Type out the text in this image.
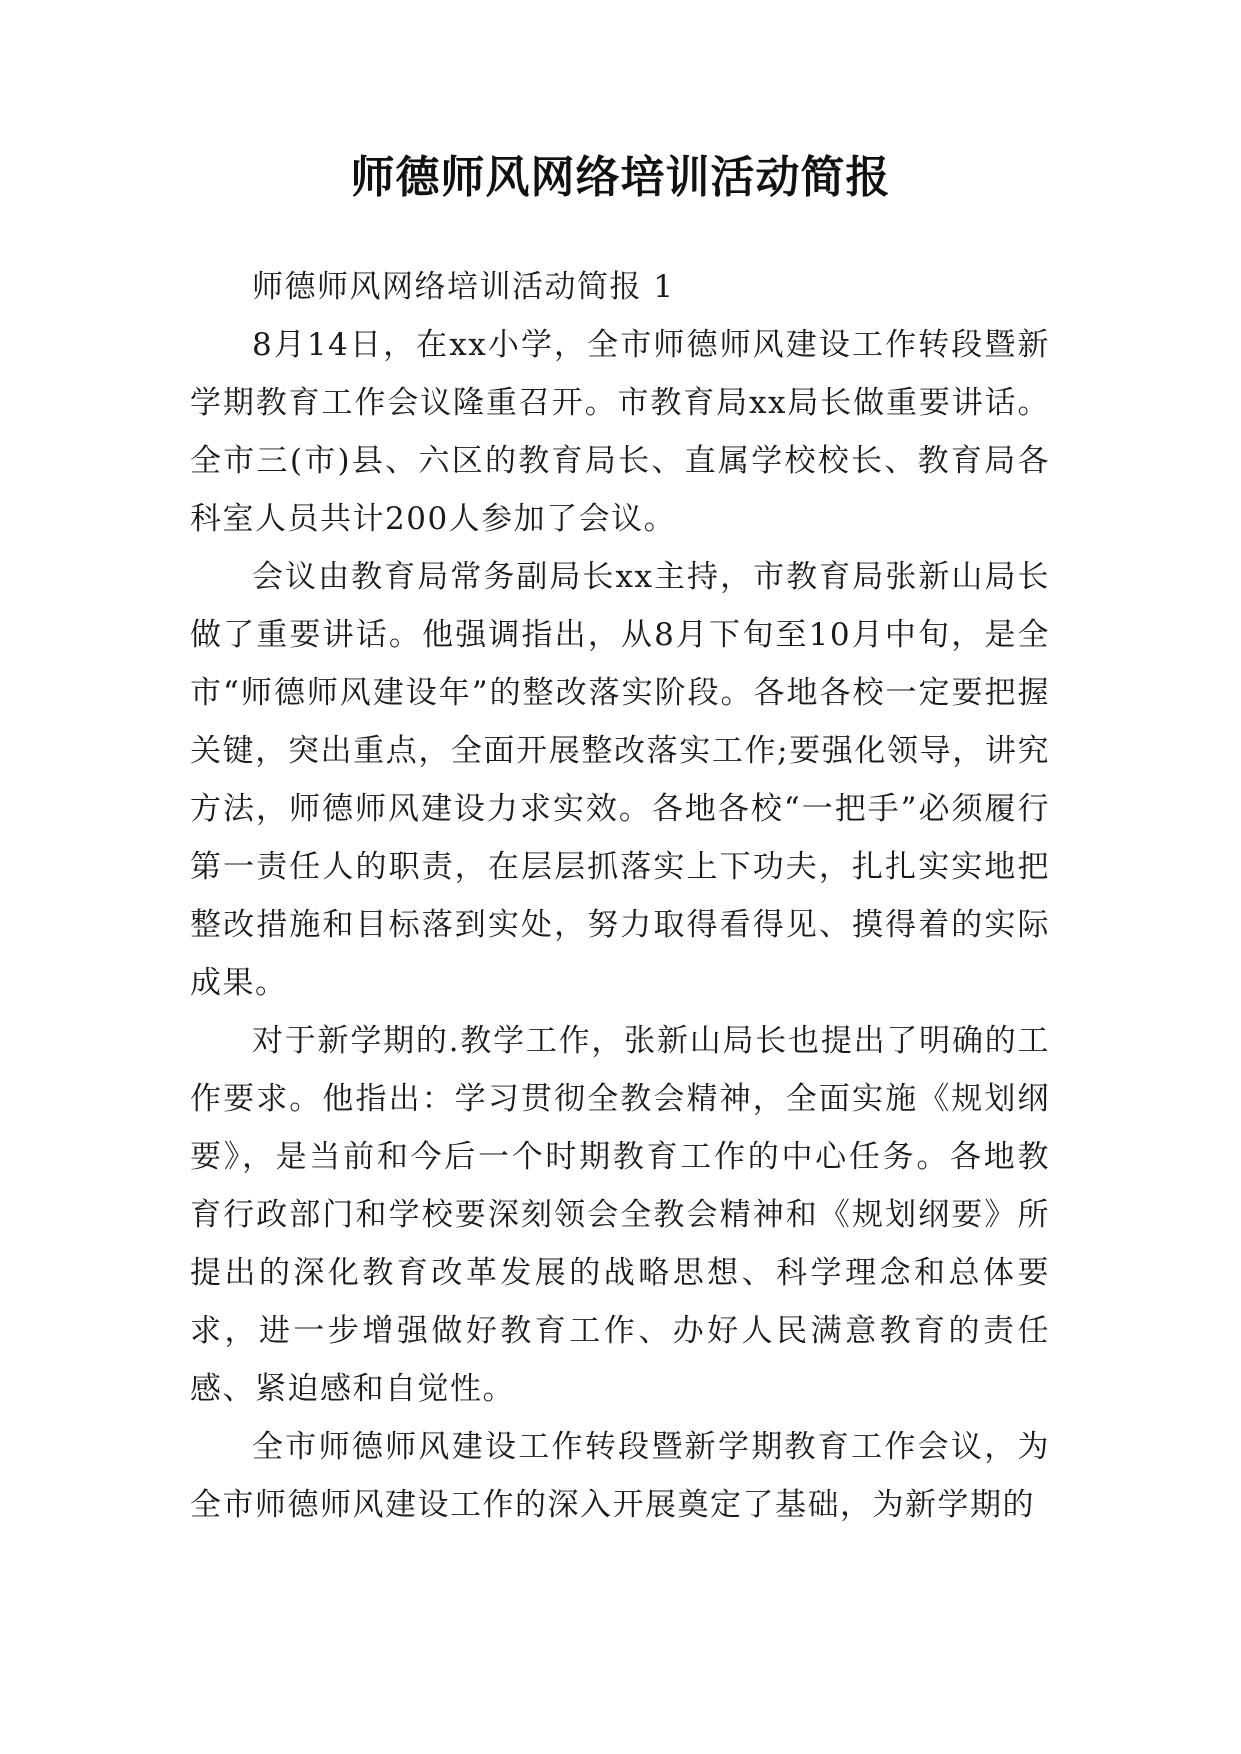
师德师风网络培训活动简报

师德师风网络培训活动简报 1

8月14日，在xx小学，全市师德师风建设工作转段暨新学期教育工作会议隆重召开。市教育局xx局长做重要讲话。全市三(市)县、六区的教育局长、直属学校校长、教育局各科室人员共计200人参加了会议。

会议由教育局常务副局长xx主持，市教育局张新山局长做了重要讲话。他强调指出，从8月下旬至10月中旬，是全市“师德师风建设年”的整改落实阶段。各地各校一定要把握关键，突出重点，全面开展整改落实工作;要强化领导，讲究方法，师德师风建设力求实效。各地各校“一把手”必须履行第一责任人的职责，在层层抓落实上下功夫，扎扎实实地把整改措施和目标落到实处，努力取得看得见、摸得着的实际成果。

对于新学期的.教学工作，张新山局长也提出了明确的工作要求。他指出：学习贯彻全教会精神，全面实施《规划纲要》，是当前和今后一个时期教育工作的中心任务。各地教育行政部门和学校要深刻领会全教会精神和《规划纲要》所提出的深化教育改革发展的战略思想、科学理念和总体要求，进一步增强做好教育工作、办好人民满意教育的责任感、紧迫感和自觉性。

全市师德师风建设工作转段暨新学期教育工作会议，为全市师德师风建设工作的深入开展奠定了基础，为新学期的
